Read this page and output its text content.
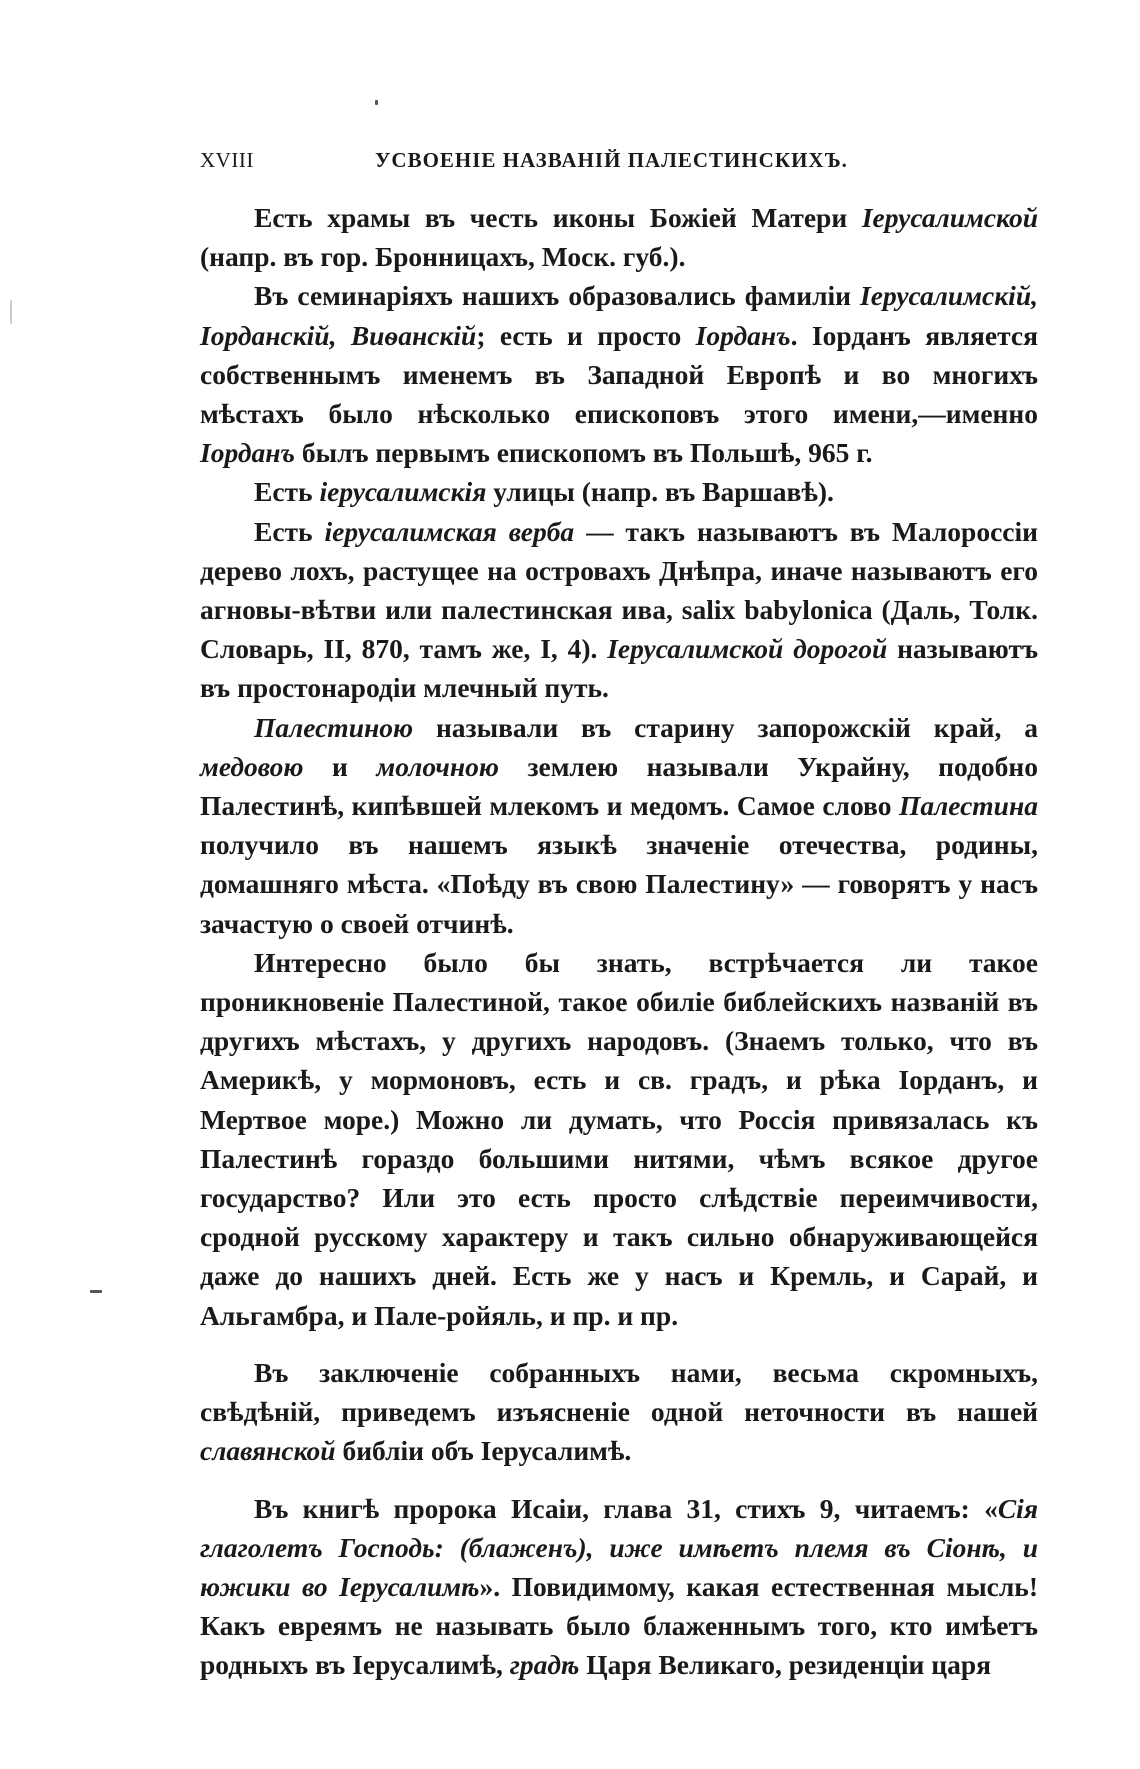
XVIII	УСВОЕНІЕ НАЗВАНІЙ ПАЛЕСТИНСКИХЪ.

Есть храмы въ честь иконы Божіей Матери Іерусалимской (напр. въ гор. Бронницахъ, Моск. губ.).

Въ семинаріяхъ нашихъ образовались фамиліи Іерусалимскій, Іорданскій, Виѳанскій; есть и просто Іорданъ. Іорданъ является собственнымъ именемъ въ Западной Европѣ и во многихъ мѣстахъ было нѣсколько епископовъ этого имени,—именно Іорданъ былъ первымъ епископомъ въ Польшѣ, 965 г.

Есть іерусалимскія улицы (напр. въ Варшавѣ).

Есть іерусалимская верба — такъ называютъ въ Малороссіи дерево лохъ, растущее на островахъ Днѣпра, иначе называютъ его агновы-вѣтви или палестинская ива, salix babylonica (Даль, Толк. Словарь, II, 870, тамъ же, I, 4). Іерусалимской дорогой называютъ въ простонародіи млечный путь.

Палестиною называли въ старину запорожскій край, а медовою и молочною землею называли Украйну, подобно Палестинѣ, кипѣвшей млекомъ и медомъ. Самое слово Палестина получило въ нашемъ языкѣ значеніе отечества, родины, домашняго мѣста. «Поѣду въ свою Палестину» — говорятъ у насъ зачастую о своей отчинѣ.

Интересно было бы знать, встрѣчается ли такое проникновеніе Палестиной, такое обиліе библейскихъ названій въ другихъ мѣстахъ, у другихъ народовъ. (Знаемъ только, что въ Америкѣ, у мормоновъ, есть и св. градъ, и рѣка Іорданъ, и Мертвое море.) Можно ли думать, что Россія привязалась къ Палестинѣ гораздо большими нитями, чѣмъ всякое другое государство? Или это есть просто слѣдствіе переимчивости, сродной русскому характеру и такъ сильно обнаруживающейся даже до нашихъ дней. Есть же у насъ и Кремль, и Сарай, и Альгамбра, и Пале-ройяль, и пр. и пр.

Въ заключеніе собранныхъ нами, весьма скромныхъ, свѣдѣній, приведемъ изъясненіе одной неточности въ нашей славянской библіи объ Іерусалимѣ.

Въ книгѣ пророка Исаіи, глава 31, стихъ 9, читаемъ: «Сія глаголетъ Господь: (блаженъ), иже имѣетъ племя въ Сіонѣ, и южики во Іерусалимѣ». Повидимому, какая естественная мысль! Какъ евреямъ не называть было блаженнымъ того, кто имѣетъ родныхъ въ Іерусалимѣ, градѣ Царя Великаго, резиденціи царя
